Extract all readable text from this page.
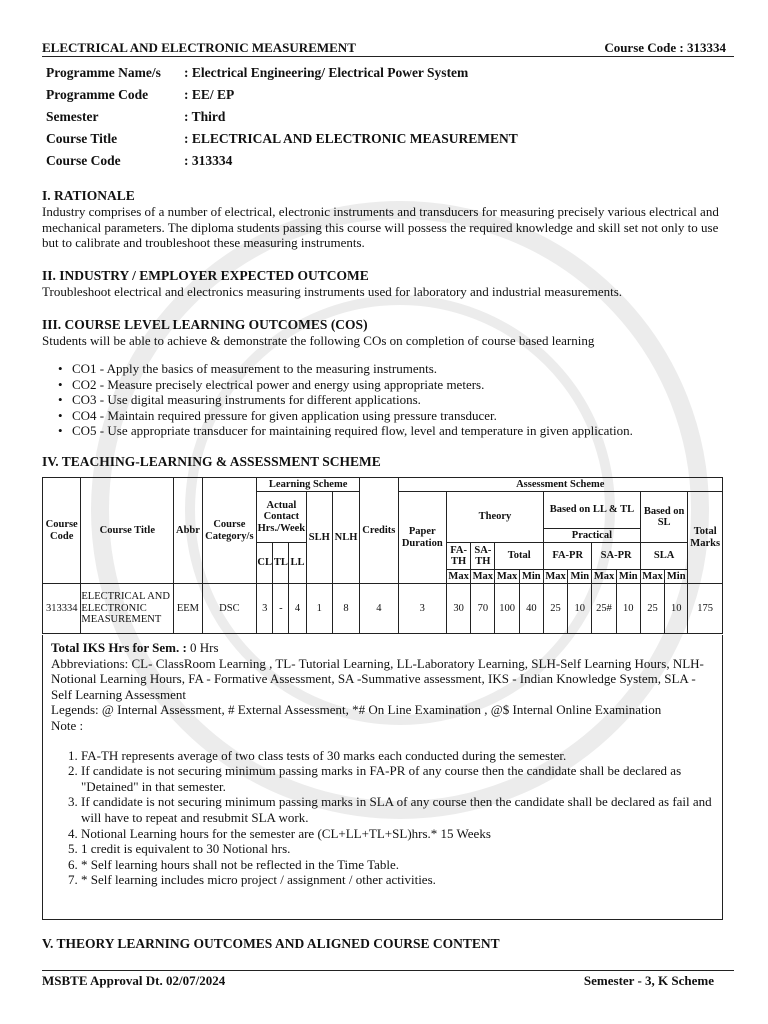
ELECTRICAL AND ELECTRONIC MEASUREMENT	Course Code : 313334
Programme Name/s	: Electrical Engineering/ Electrical Power System
Programme Code	: EE/ EP
Semester	: Third
Course Title	: ELECTRICAL AND ELECTRONIC MEASUREMENT
Course Code	: 313334
I. RATIONALE

Industry comprises of a number of electrical, electronic instruments and transducers for measuring precisely various electrical and mechanical parameters. The diploma students passing this course will possess the required knowledge and skill set not only to use but to calibrate and troubleshoot these measuring instruments.

II. INDUSTRY / EMPLOYER EXPECTED OUTCOME

Troubleshoot electrical and electronics measuring instruments used for laboratory and industrial measurements.

III. COURSE LEVEL LEARNING OUTCOMES (COS)

Students will be able to achieve & demonstrate the following COs on completion of course based learning

• CO1 - Apply the basics of measurement to the measuring instruments.
• CO2 - Measure precisely electrical power and energy using appropriate meters.
• CO3 - Use digital measuring instruments for different applications.
• CO4 - Maintain required pressure for given application using pressure transducer.
• CO5 - Use appropriate transducer for maintaining required flow, level and temperature in given application.
IV. TEACHING-LEARNING & ASSESSMENT SCHEME
Course Code	Course Title	Abbr	Course Category/s	Learning Scheme					Credits	Assessment Scheme											
				Actual Contact Hrs./Week			SLH	NLH		Paper Duration	Theory				Based on LL & TL				Based on SL		Total Marks
															Practical						
				CL	TL	LL					FA-TH	SA-TH	Total		FA-PR		SA-PR		SLA		
											Max	Max	Max	Min	Max	Min	Max	Min	Max	Min	
313334	ELECTRICAL AND ELECTRONIC MEASUREMENT	EEM	DSC	3	-	4	1	8	4	3	30	70	100	40	25	10	25#	10	25	10	175

Total IKS Hrs for Sem. : 0 Hrs

Abbreviations: CL- ClassRoom Learning , TL- Tutorial Learning, LL-Laboratory Learning, SLH-Self Learning Hours, NLH-Notional Learning Hours, FA - Formative Assessment, SA -Summative assessment, IKS - Indian Knowledge System, SLA - Self Learning Assessment

Legends: @ Internal Assessment, # External Assessment, *# On Line Examination , @$ Internal Online Examination

Note :

1. FA-TH represents average of two class tests of 30 marks each conducted during the semester.
2. If candidate is not securing minimum passing marks in FA-PR of any course then the candidate shall be declared as "Detained" in that semester.
3. If candidate is not securing minimum passing marks in SLA of any course then the candidate shall be declared as fail and will have to repeat and resubmit SLA work.
4. Notional Learning hours for the semester are (CL+LL+TL+SL)hrs.* 15 Weeks
5. 1 credit is equivalent to 30 Notional hrs.
6. * Self learning hours shall not be reflected in the Time Table.
7. * Self learning includes micro project / assignment / other activities.
V. THEORY LEARNING OUTCOMES AND ALIGNED COURSE CONTENT
MSBTE Approval Dt. 02/07/2024	Semester - 3, K Scheme
